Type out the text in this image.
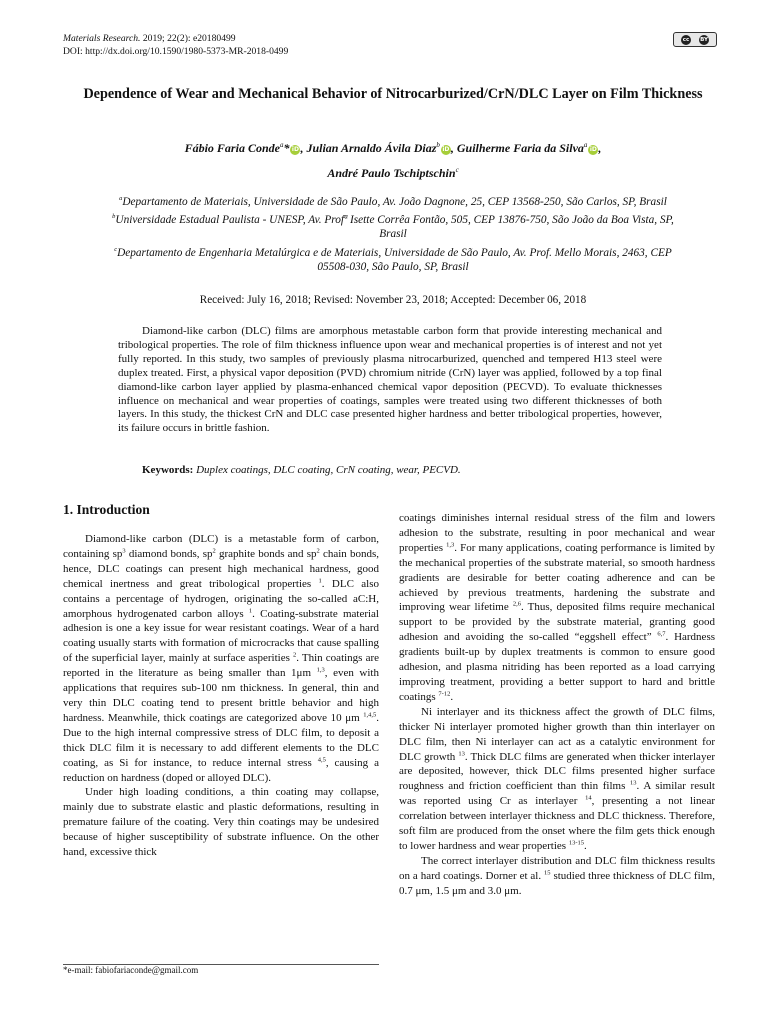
Materials Research. 2019; 22(2): e20180499
DOI: http://dx.doi.org/10.1590/1980-5373-MR-2018-0499
cc	BY
Dependence of Wear and Mechanical Behavior of Nitrocarburized/CrN/DLC Layer on Film Thickness
Fábio Faria Conde$^a$* iD, Julian Arnaldo Ávila Diaz$^b$iD, Guilherme Faria da Silva$^a$iD,
André Paulo Tschiptschin$^c$

$^a$Departamento de Materiais, Universidade de São Paulo, Av. João Dagnone, 25, CEP 13568-250, São Carlos, SP, Brasil

$^b$Universidade Estadual Paulista - UNESP, Av. Profª Isette Corrêa Fontão, 505, CEP 13876-750, São João da Boa Vista, SP, Brasil

$^c$Departamento de Engenharia Metalúrgica e de Materiais, Universidade de São Paulo, Av. Prof. Mello Morais, 2463, CEP 05508-030, São Paulo, SP, Brasil

Received: July 16, 2018; Revised: November 23, 2018; Accepted: December 06, 2018

Diamond-like carbon (DLC) films are amorphous metastable carbon form that provide interesting mechanical and tribological properties. The role of film thickness influence upon wear and mechanical properties is of interest and not yet fully reported. In this study, two samples of previously plasma nitrocarburized, quenched and tempered H13 steel were duplex treated. First, a physical vapor deposition (PVD) chromium nitride (CrN) layer was applied, followed by a top final diamond-like carbon layer applied by plasma-enhanced chemical vapor deposition (PECVD). To evaluate thicknesses influence on mechanical and wear properties of coatings, samples were treated using two different thicknesses of both layers. In this study, the thickest CrN and DLC case presented higher hardness and better tribological properties, however, its failure occurs in brittle fashion.

Keywords: Duplex coatings, DLC coating, CrN coating, wear, PECVD.
1. Introduction

Diamond-like carbon (DLC) is a metastable form of carbon, containing sp$^3$ diamond bonds, sp$^2$ graphite bonds and sp$^2$ chain bonds, hence, DLC coatings can present high mechanical hardness, good chemical inertness and great tribological properties $^1$. DLC also contains a percentage of hydrogen, originating the so-called aC:H, amorphous hydrogenated carbon alloys $^1$. Coating-substrate material adhesion is one a key issue for wear resistant coatings. Wear of a hard coating usually starts with formation of microcracks that cause spalling of the superficial layer, mainly at surface asperities $^2$. Thin coatings are reported in the literature as being smaller than 1μm $^{1,3}$, even with applications that requires sub-100 nm thickness. In general, thin and very thin DLC coating tend to present brittle behavior and high hardness. Meanwhile, thick coatings are categorized above 10 μm $^{1,4,5}$. Due to the high internal compressive stress of DLC film, to deposit a thick DLC film it is necessary to add different elements to the DLC coating, as Si for instance, to reduce internal stress $^{4,5}$, causing a reduction on hardness (doped or alloyed DLC).

Under high loading conditions, a thin coating may collapse, mainly due to substrate elastic and plastic deformations, resulting in premature failure of the coating. Very thin coatings may be undesired because of higher susceptibility of substrate influence. On the other hand, excessive thick

coatings diminishes internal residual stress of the film and lowers adhesion to the substrate, resulting in poor mechanical and wear properties $^{1,3}$. For many applications, coating performance is limited by the mechanical properties of the substrate material, so smooth hardness gradients are desirable for better coating adherence and can be achieved by previous treatments, hardening the substrate and improving wear lifetime $^{2,6}$. Thus, deposited films require mechanical support to be provided by the substrate material, granting good adhesion and avoiding the so-called “eggshell effect” $^{6,7}$. Hardness gradients built-up by duplex treatments is common to ensure good adhesion, and plasma nitriding has been reported as a load carrying improving treatment, providing a better support to hard and brittle coatings $^{7-12}$.

Ni interlayer and its thickness affect the growth of DLC films, thicker Ni interlayer promoted higher growth than thin interlayer on DLC film, then Ni interlayer can act as a catalytic environment for DLC growth $^{13}$. Thick DLC films are generated when thicker interlayer are deposited, however, thick DLC films presented higher surface roughness and friction coefficient than thin films $^{13}$. A similar result was reported using Cr as interlayer $^{14}$, presenting a not linear correlation between interlayer thickness and DLC thickness. Therefore, soft film are produced from the onset where the film gets thick enough to lower hardness and wear properties $^{13-15}$.

The correct interlayer distribution and DLC film thickness results on a hard coatings. Dorner et al. $^{15}$ studied three thickness of DLC film, 0.7 μm, 1.5 μm and 3.0 μm.

*e-mail: fabiofariaconde@gmail.com
